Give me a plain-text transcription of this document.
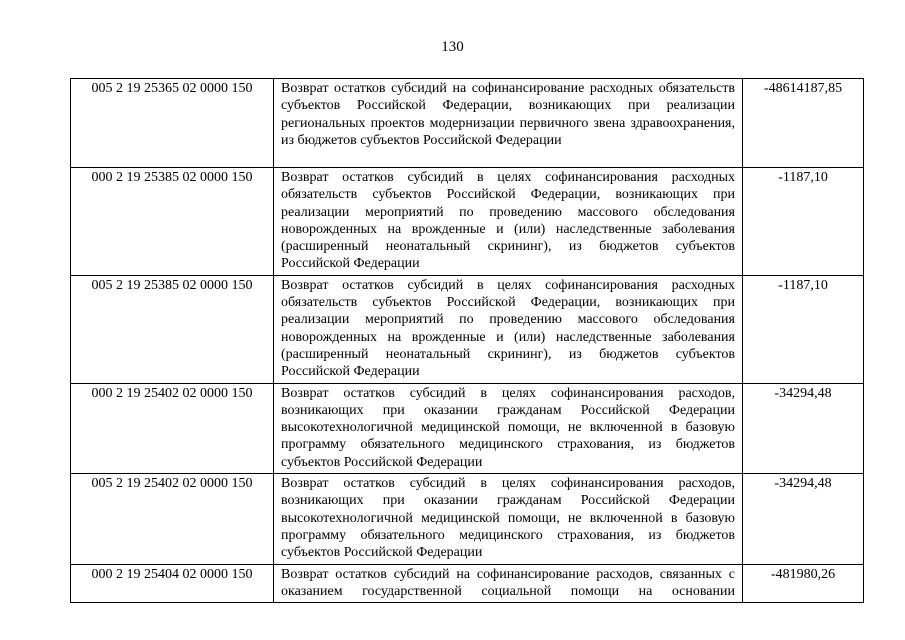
130
005 2 19 25365 02 0000 150	Возврат остатков субсидий на софинансирование расходных обязательств субъектов Российской Федерации, возникающих при реализации региональных проектов модернизации первичного звена здравоохранения, из бюджетов субъектов Российской Федерации	-48614187,85
000 2 19 25385 02 0000 150	Возврат остатков субсидий в целях софинансирования расходных обязательств субъектов Российской Федерации, возникающих при реализации мероприятий по проведению массового обследования новорожденных на врожденные и (или) наследственные заболевания (расширенный неонатальный скрининг), из бюджетов субъектов Российской Федерации	-1187,10
005 2 19 25385 02 0000 150	Возврат остатков субсидий в целях софинансирования расходных обязательств субъектов Российской Федерации, возникающих при реализации мероприятий по проведению массового обследования новорожденных на врожденные и (или) наследственные заболевания (расширенный неонатальный скрининг), из бюджетов субъектов Российской Федерации	-1187,10
000 2 19 25402 02 0000 150	Возврат остатков субсидий в целях софинансирования расходов, возникающих при оказании гражданам Российской Федерации высокотехнологичной медицинской помощи, не включенной в базовую программу обязательного медицинского страхования, из бюджетов субъектов Российской Федерации	-34294,48
005 2 19 25402 02 0000 150	Возврат остатков субсидий в целях софинансирования расходов, возникающих при оказании гражданам Российской Федерации высокотехнологичной медицинской помощи, не включенной в базовую программу обязательного медицинского страхования, из бюджетов субъектов Российской Федерации	-34294,48
000 2 19 25404 02 0000 150	Возврат остатков субсидий на софинансирование расходов, связанных с оказанием государственной социальной помощи на основании	-481980,26
